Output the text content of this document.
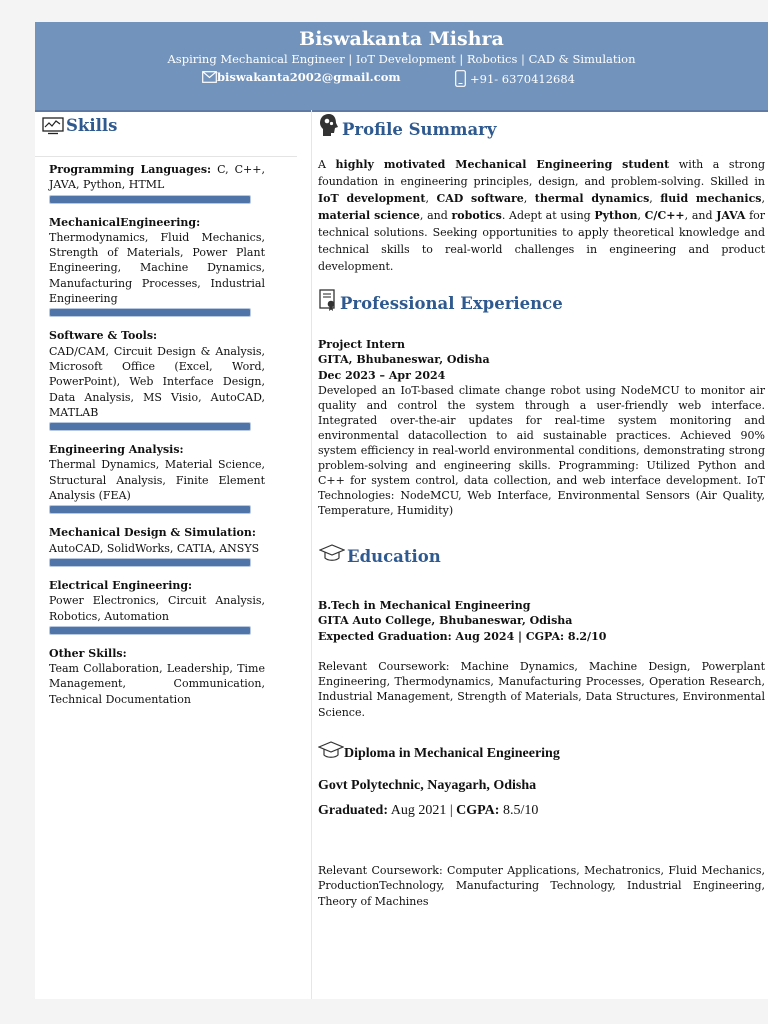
Biswakanta Mishra
Aspiring Mechanical Engineer | IoT Development | Robotics | CAD & Simulation
biswakanta2002@gmail.com	+91- 6370412684
Skills
Programming Languages: C, C++, JAVA, Python, HTML
MechanicalEngineering:
Thermodynamics, Fluid Mechanics, Strength of Materials, Power Plant Engineering, Machine Dynamics, Manufacturing Processes, Industrial Engineering
Software & Tools:
CAD/CAM, Circuit Design & Analysis, Microsoft Office (Excel, Word, PowerPoint), Web Interface Design, Data Analysis, MS Visio, AutoCAD, MATLAB
Engineering Analysis:
Thermal Dynamics, Material Science, Structural Analysis, Finite Element Analysis (FEA)
Mechanical Design & Simulation:
AutoCAD, SolidWorks, CATIA, ANSYS
Electrical Engineering:
Power Electronics, Circuit Analysis, Robotics, Automation
Other Skills:
Team Collaboration, Leadership, Time Management, Communication, Technical Documentation
Profile Summary
A highly motivated Mechanical Engineering student with a strong foundation in engineering principles, design, and problem-solving. Skilled in IoT development, CAD software, thermal dynamics, fluid mechanics, material science, and robotics. Adept at using Python, C/C++, and JAVA for technical solutions. Seeking opportunities to apply theoretical knowledge and technical skills to real-world challenges in engineering and product development.
Professional Experience
Project Intern
GITA, Bhubaneswar, Odisha
Dec 2023 – Apr 2024
Developed an IoT-based climate change robot using NodeMCU to monitor air quality and control the system through a user-friendly web interface. Integrated over-the-air updates for real-time system monitoring and environmental datacollection to aid sustainable practices. Achieved 90% system efficiency in real-world environmental conditions, demonstrating strong problem-solving and engineering skills. Programming: Utilized Python and C++ for system control, data collection, and web interface development. IoT Technologies: NodeMCU, Web Interface, Environmental Sensors (Air Quality, Temperature, Humidity)
Education
B.Tech in Mechanical Engineering
GITA Auto College, Bhubaneswar, Odisha
Expected Graduation: Aug 2024 | CGPA: 8.2/10
Relevant Coursework: Machine Dynamics, Machine Design, Powerplant Engineering, Thermodynamics, Manufacturing Processes, Operation Research, Industrial Management, Strength of Materials, Data Structures, Environmental Science.
Diploma in Mechanical Engineering
Govt Polytechnic, Nayagarh, Odisha
Graduated: Aug 2021 | CGPA: 8.5/10
Relevant Coursework: Computer Applications, Mechatronics, Fluid Mechanics, ProductionTechnology, Manufacturing Technology, Industrial Engineering, Theory of Machines
